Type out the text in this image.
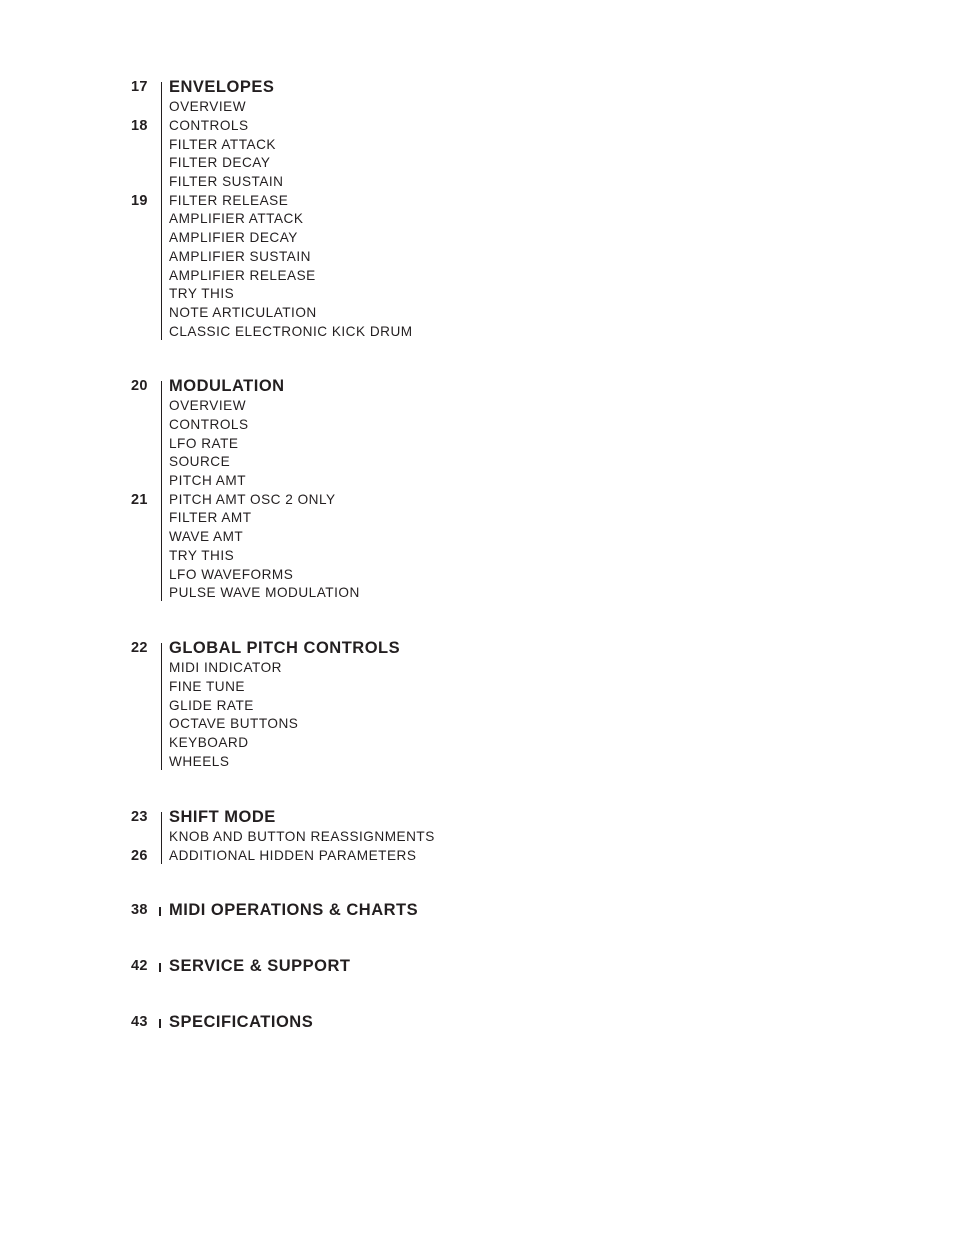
17 ENVELOPES
OVERVIEW
18 CONTROLS
FILTER ATTACK
FILTER DECAY
FILTER SUSTAIN
19 FILTER RELEASE
AMPLIFIER ATTACK
AMPLIFIER DECAY
AMPLIFIER SUSTAIN
AMPLIFIER RELEASE
TRY THIS
NOTE ARTICULATION
CLASSIC ELECTRONIC KICK DRUM
20 MODULATION
OVERVIEW
CONTROLS
LFO RATE
SOURCE
PITCH AMT
21 PITCH AMT OSC 2 ONLY
FILTER AMT
WAVE AMT
TRY THIS
LFO WAVEFORMS
PULSE WAVE MODULATION
22 GLOBAL PITCH CONTROLS
MIDI INDICATOR
FINE TUNE
GLIDE RATE
OCTAVE BUTTONS
KEYBOARD
WHEELS
23 SHIFT MODE
KNOB AND BUTTON REASSIGNMENTS
26 ADDITIONAL HIDDEN PARAMETERS
38 MIDI OPERATIONS & CHARTS
42 SERVICE & SUPPORT
43 SPECIFICATIONS
